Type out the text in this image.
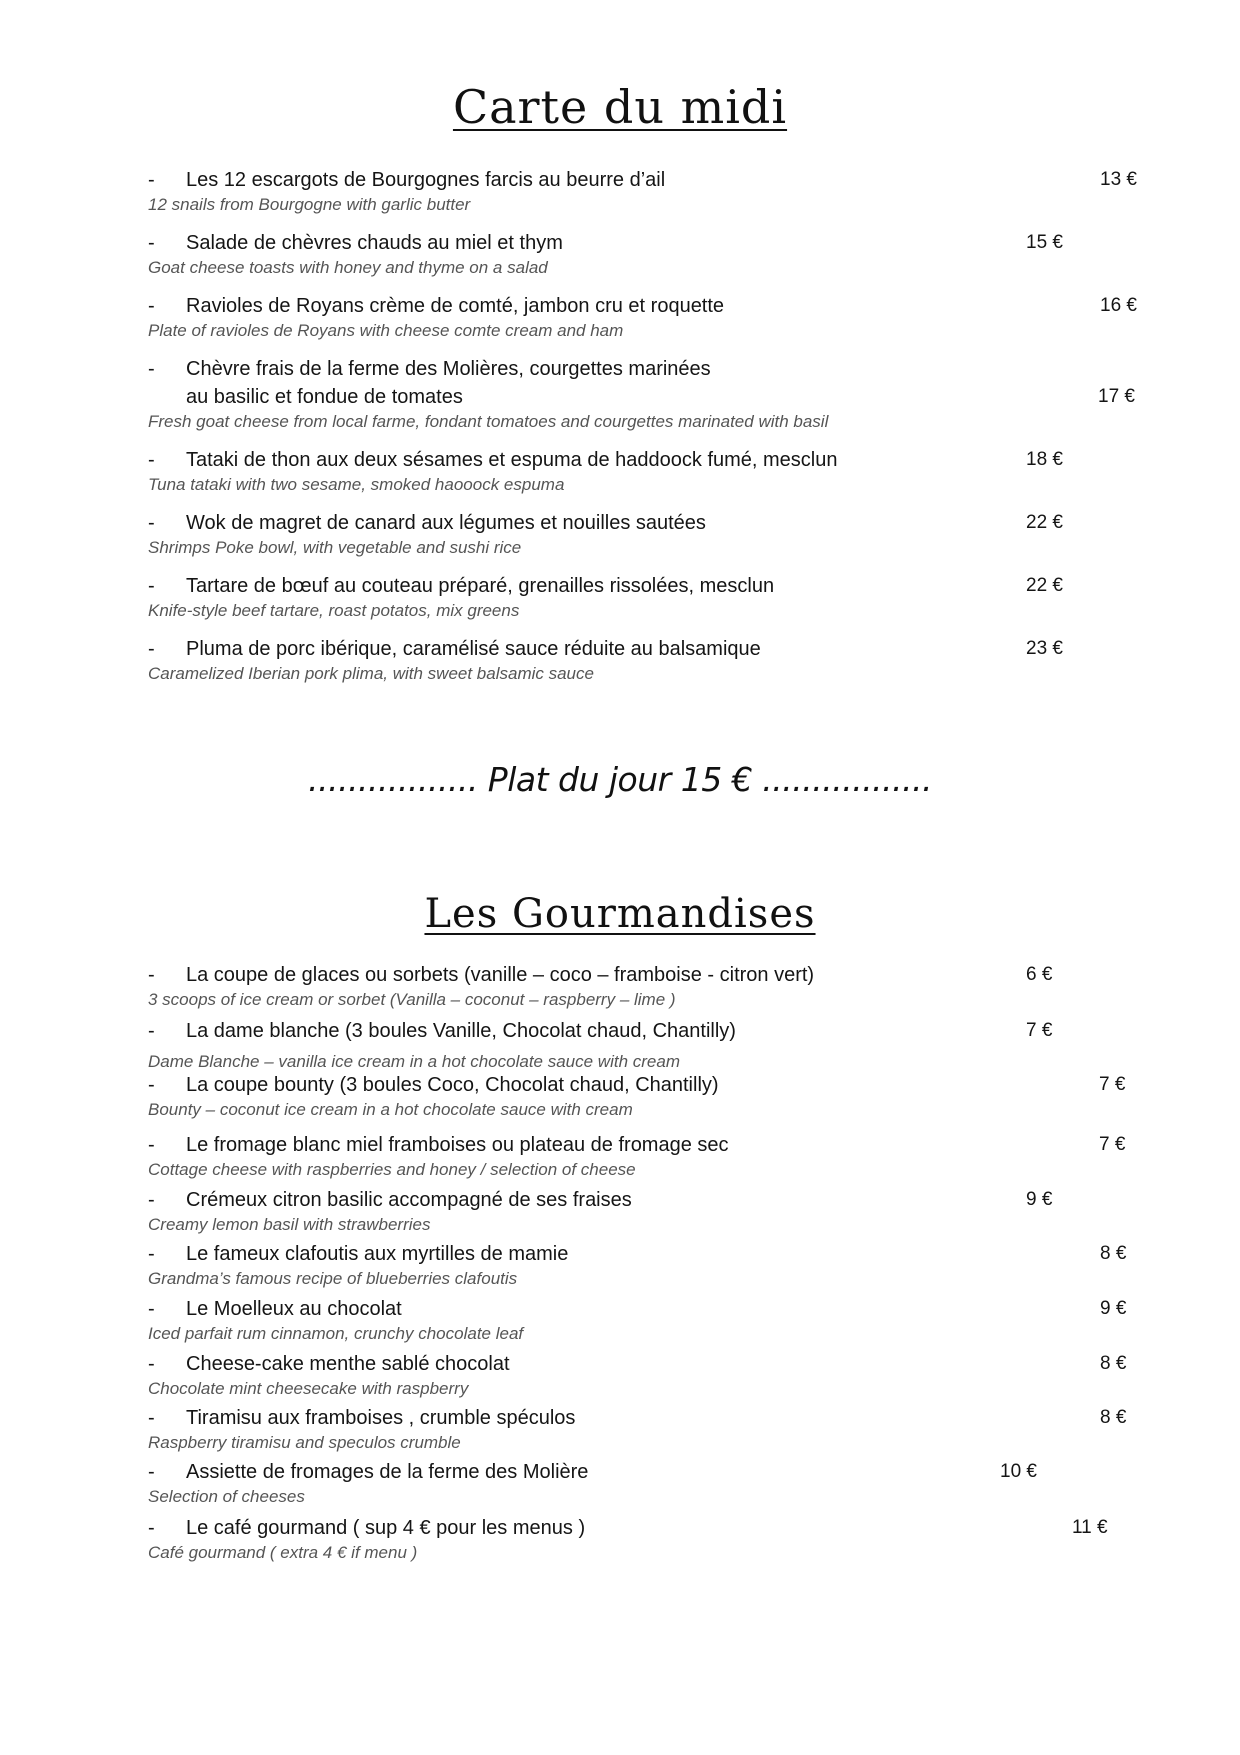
Carte du midi
- Les 12 escargots de Bourgognes farcis au beurre d’ail	13 €
12 snails from Bourgogne with garlic butter
- Salade de chèvres chauds au miel et thym	15 €
Goat cheese toasts with honey and thyme on a salad
- Ravioles de Royans crème de comté, jambon cru et roquette	16 €
Plate of ravioles de Royans with cheese comte cream and ham
- Chèvre frais de la ferme des Molières, courgettes marinées
au basilic et fondue de tomates	17 €
Fresh goat cheese from local farme, fondant tomatoes and courgettes marinated with basil
- Tataki de thon aux deux sésames et espuma de haddoock fumé, mesclun	18 €
Tuna tataki with two sesame, smoked haooock espuma
- Wok de magret de canard aux légumes et nouilles sautées	22 €
Shrimps Poke bowl, with vegetable and sushi rice
- Tartare de bœuf au couteau préparé, grenailles rissolées, mesclun	22 €
Knife-style beef tartare, roast potatos, mix greens
- Pluma de porc ibérique, caramélisé sauce réduite au balsamique	23 €
Caramelized Iberian pork plima, with sweet balsamic sauce
................. Plat du jour 15 € .................
Les Gourmandises
- La coupe de glaces ou sorbets (vanille – coco – framboise - citron vert)	6 €
3 scoops of ice cream or sorbet (Vanilla – coconut – raspberry – lime )
- La dame blanche (3 boules Vanille, Chocolat chaud, Chantilly)	7 €
Dame Blanche – vanilla ice cream in a hot chocolate sauce with cream
- La coupe bounty (3 boules Coco, Chocolat chaud, Chantilly)	7 €
Bounty – coconut ice cream in a hot chocolate sauce with cream
- Le fromage blanc miel framboises ou plateau de fromage sec	7 €
Cottage cheese with raspberries and honey / selection of cheese
- Crémeux citron basilic accompagné de ses fraises	9 €
Creamy lemon basil with strawberries
- Le fameux clafoutis aux myrtilles de mamie	8 €
Grandma’s famous recipe of blueberries clafoutis
- Le Moelleux au chocolat	9 €
Iced parfait rum cinnamon, crunchy chocolate leaf
- Cheese-cake menthe sablé chocolat	8 €
Chocolate mint cheesecake with raspberry
- Tiramisu aux framboises , crumble spéculos	8 €
Raspberry tiramisu and speculos crumble
- Assiette de fromages de la ferme des Molière	10 €
Selection of cheeses
- Le café gourmand ( sup 4 € pour les menus )	11 €
Café gourmand ( extra 4 € if menu )
